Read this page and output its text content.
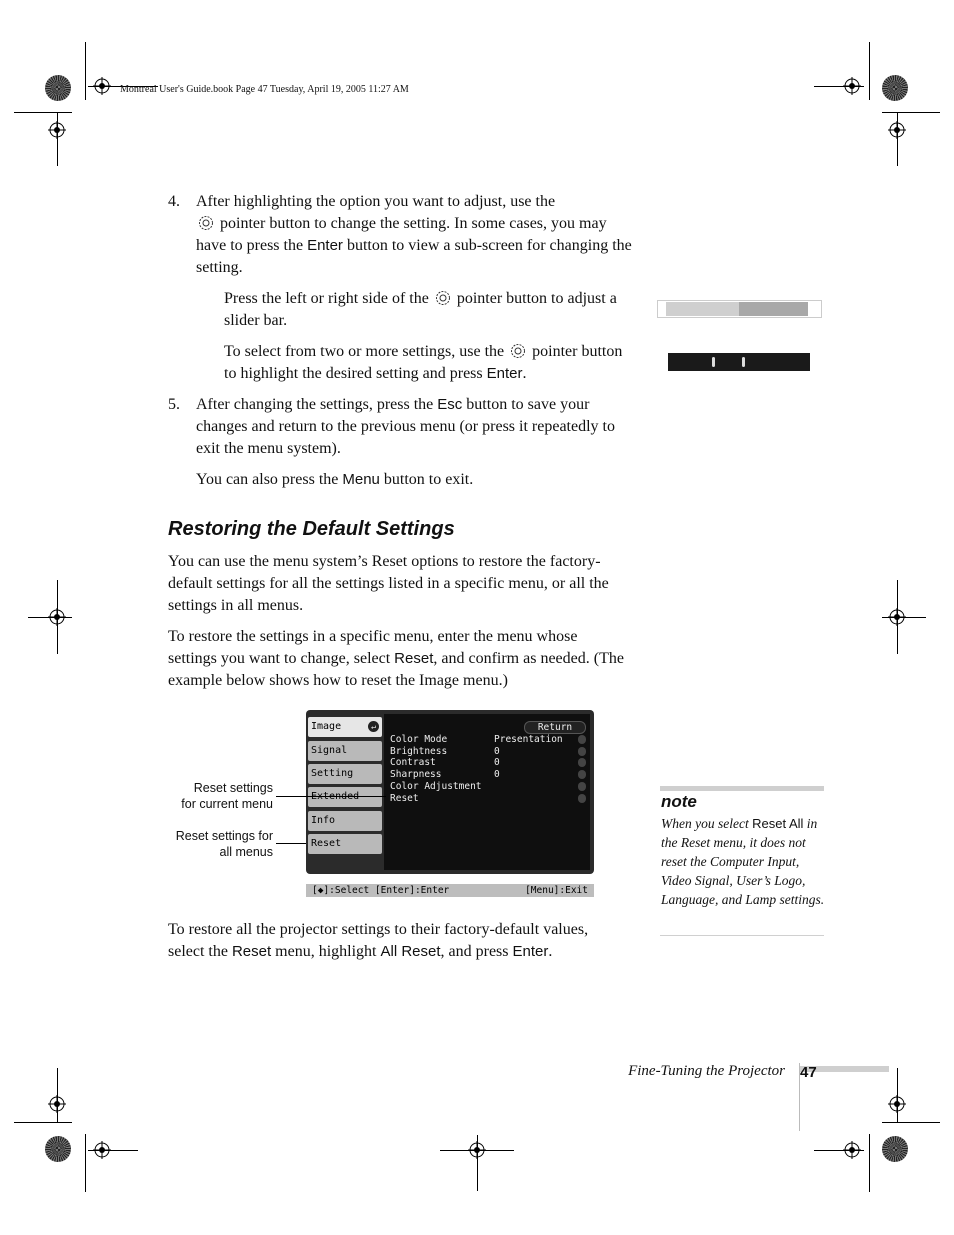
Montreal User's Guide.book Page 47 Tuesday, April 19, 2005 11:27 AM
4. After highlighting the option you want to adjust, use the
pointer button to change the setting. In some cases, you may have to press the Enter button to view a sub-screen for changing the setting.
Press the left or right side of the pointer button to adjust a slider bar.
To select from two or more settings, use the pointer button to highlight the desired setting and press Enter.
5. After changing the settings, press the Esc button to save your changes and return to the previous menu (or press it repeatedly to exit the menu system).
You can also press the Menu button to exit.
Restoring the Default Settings
You can use the menu system’s Reset options to restore the factory-default settings for all the settings listed in a specific menu, or all the settings in all menus.
To restore the settings in a specific menu, enter the menu whose settings you want to change, select Reset, and confirm as needed. (The example below shows how to reset the Image menu.)
Image	↵
Signal
Setting
Info
Reset
Return
Color Mode	Presentation
Brightness	0
Contrast	0
Sharpness	0
Color Adjustment
Reset
[◆]:Select [Enter]:Enter	[Menu]:Exit
Reset settings
for current menu
Reset settings for
all menus
To restore all the projector settings to their factory-default values, select the Reset menu, highlight All Reset, and press Enter.
note
When you select Reset All in the Reset menu, it does not reset the Computer Input, Video Signal, User’s Logo, Language, and Lamp settings.
Fine-Tuning the Projector 47
